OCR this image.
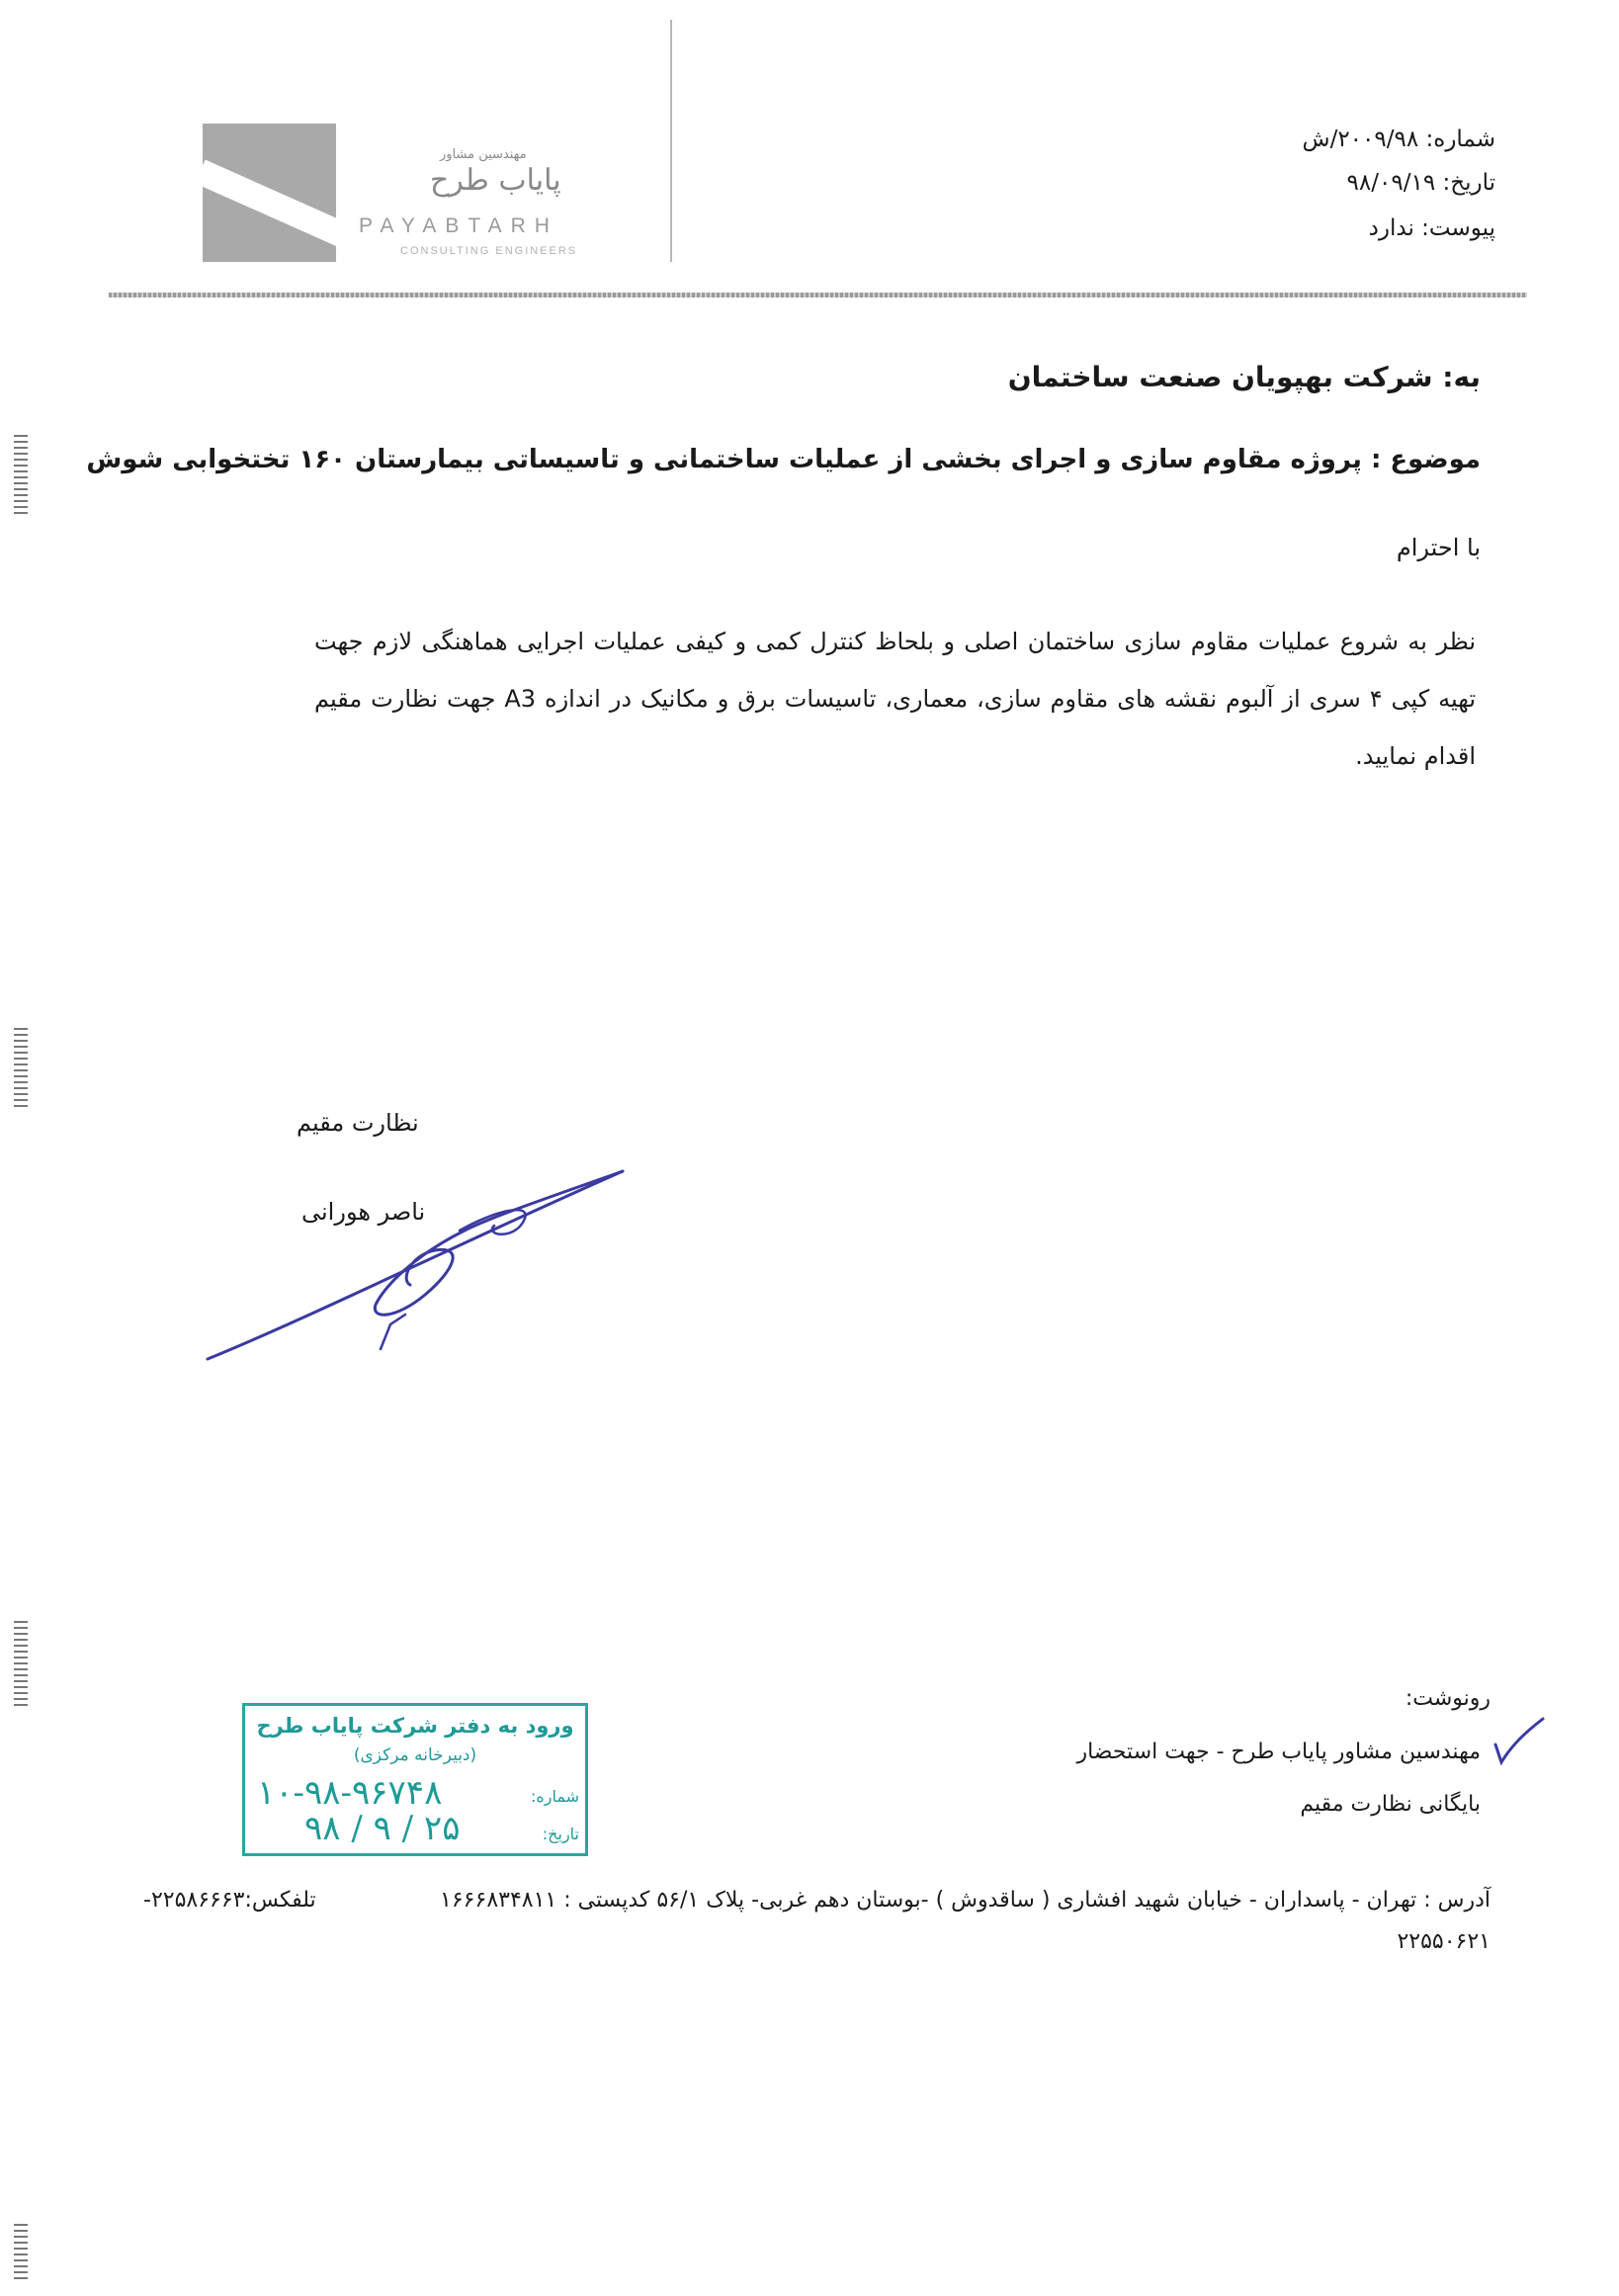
مهندسین مشاور
پایاب طرح
PAYABTARH
CONSULTING ENGINEERS
شماره: ۲۰۰۹/۹۸/ش
تاریخ: ۹۸/۰۹/۱۹
پیوست: ندارد
به: شرکت بهپویان صنعت ساختمان
موضوع : پروژه مقاوم سازی و اجرای بخشی از عملیات ساختمانی و تاسیساتی بیمارستان ۱۶۰ تختخوابی شوش
با احترام
نظر به شروع عملیات مقاوم سازی ساختمان اصلی و بلحاظ کنترل کمی و کیفی عملیات اجرایی هماهنگی لازم جهت تهیه کپی ۴ سری از آلبوم نقشه های مقاوم سازی، معماری، تاسیسات برق و مکانیک در اندازه A3 جهت نظارت مقیم اقدام نمایید.
نظارت مقیم
ناصر هورانی
ورود به دفتر شرکت پایاب طرح
(دبیرخانه مرکزی)
شماره:
۱۰-۹۸-۹۶۷۴۸
تاریخ:
۹۸ / ۹ / ۲۵
رونوشت:
مهندسین مشاور پایاب طرح - جهت استحضار
بایگانی نظارت مقیم
آدرس : تهران - پاسداران - خیابان شهید افشاری ( ساقدوش ) -بوستان دهم غربی- پلاک ۵۶/۱ کدپستی : ۱۶۶۶۸۳۴۸۱۱
تلفکس:۲۲۵۸۶۶۶۳-
۲۲۵۵۰۶۲۱
